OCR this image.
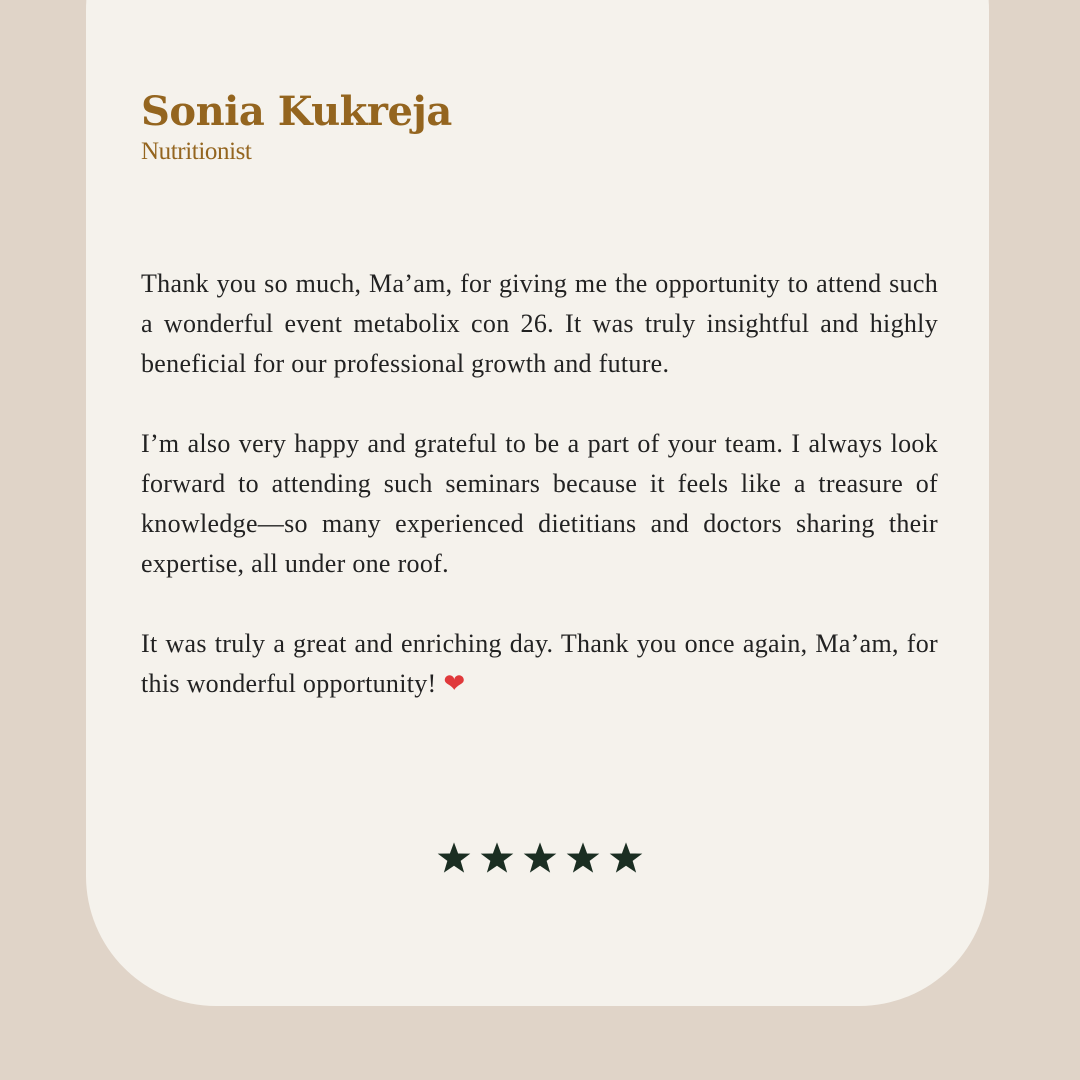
Sonia Kukreja

Nutritionist

Thank you so much, Ma’am, for giving me the opportunity to attend such a wonderful event metabolix con 26. It was truly insightful and highly beneficial for our professional growth and future.

I’m also very happy and grateful to be a part of your team. I always look forward to attending such seminars because it feels like a treasure of knowledge—so many experienced dietitians and doctors sharing their expertise, all under one roof.

It was truly a great and enriching day. Thank you once again, Ma’am, for this wonderful opportunity! ❤
